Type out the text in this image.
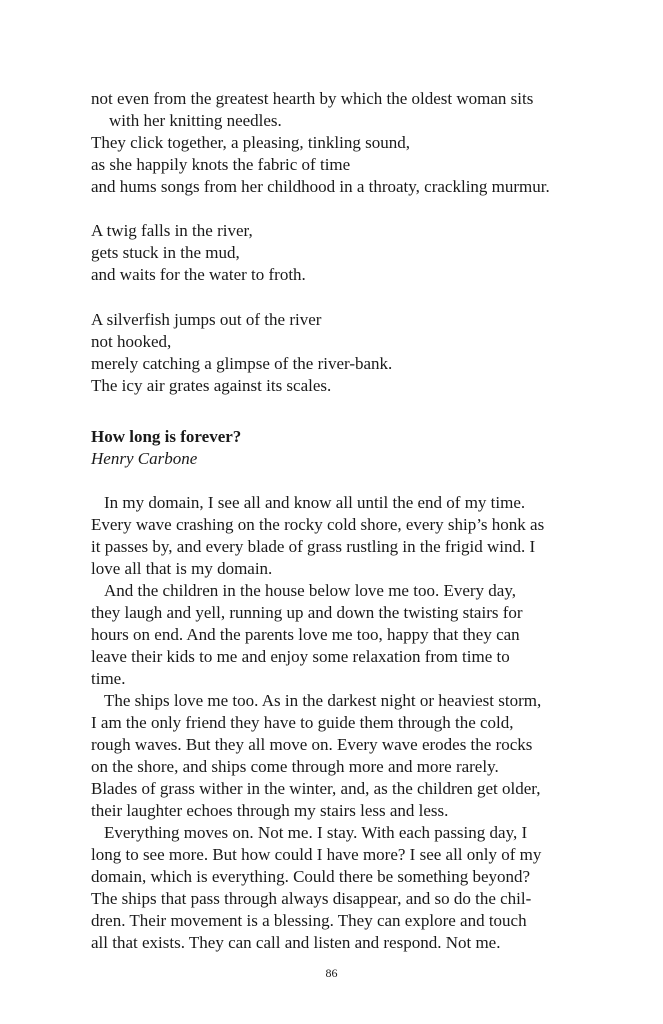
not even from the greatest hearth by which the oldest woman sits
with her knitting needles.
They click together, a pleasing, tinkling sound,
as she happily knots the fabric of time
and hums songs from her childhood in a throaty, crackling murmur.
A twig falls in the river,
gets stuck in the mud,
and waits for the water to froth.
A silverfish jumps out of the river
not hooked,
merely catching a glimpse of the river-bank.
The icy air grates against its scales.
How long is forever?
Henry Carbone
In my domain, I see all and know all until the end of my time.
Every wave crashing on the rocky cold shore, every ship’s honk as
it passes by, and every blade of grass rustling in the frigid wind. I
love all that is my domain.
And the children in the house below love me too. Every day,
they laugh and yell, running up and down the twisting stairs for
hours on end. And the parents love me too, happy that they can
leave their kids to me and enjoy some relaxation from time to
time.
The ships love me too. As in the darkest night or heaviest storm,
I am the only friend they have to guide them through the cold,
rough waves. But they all move on. Every wave erodes the rocks
on the shore, and ships come through more and more rarely.
Blades of grass wither in the winter, and, as the children get older,
their laughter echoes through my stairs less and less.
Everything moves on. Not me. I stay. With each passing day, I
long to see more. But how could I have more? I see all only of my
domain, which is everything. Could there be something beyond?
The ships that pass through always disappear, and so do the chil-
dren. Their movement is a blessing. They can explore and touch
all that exists. They can call and listen and respond. Not me.
86
